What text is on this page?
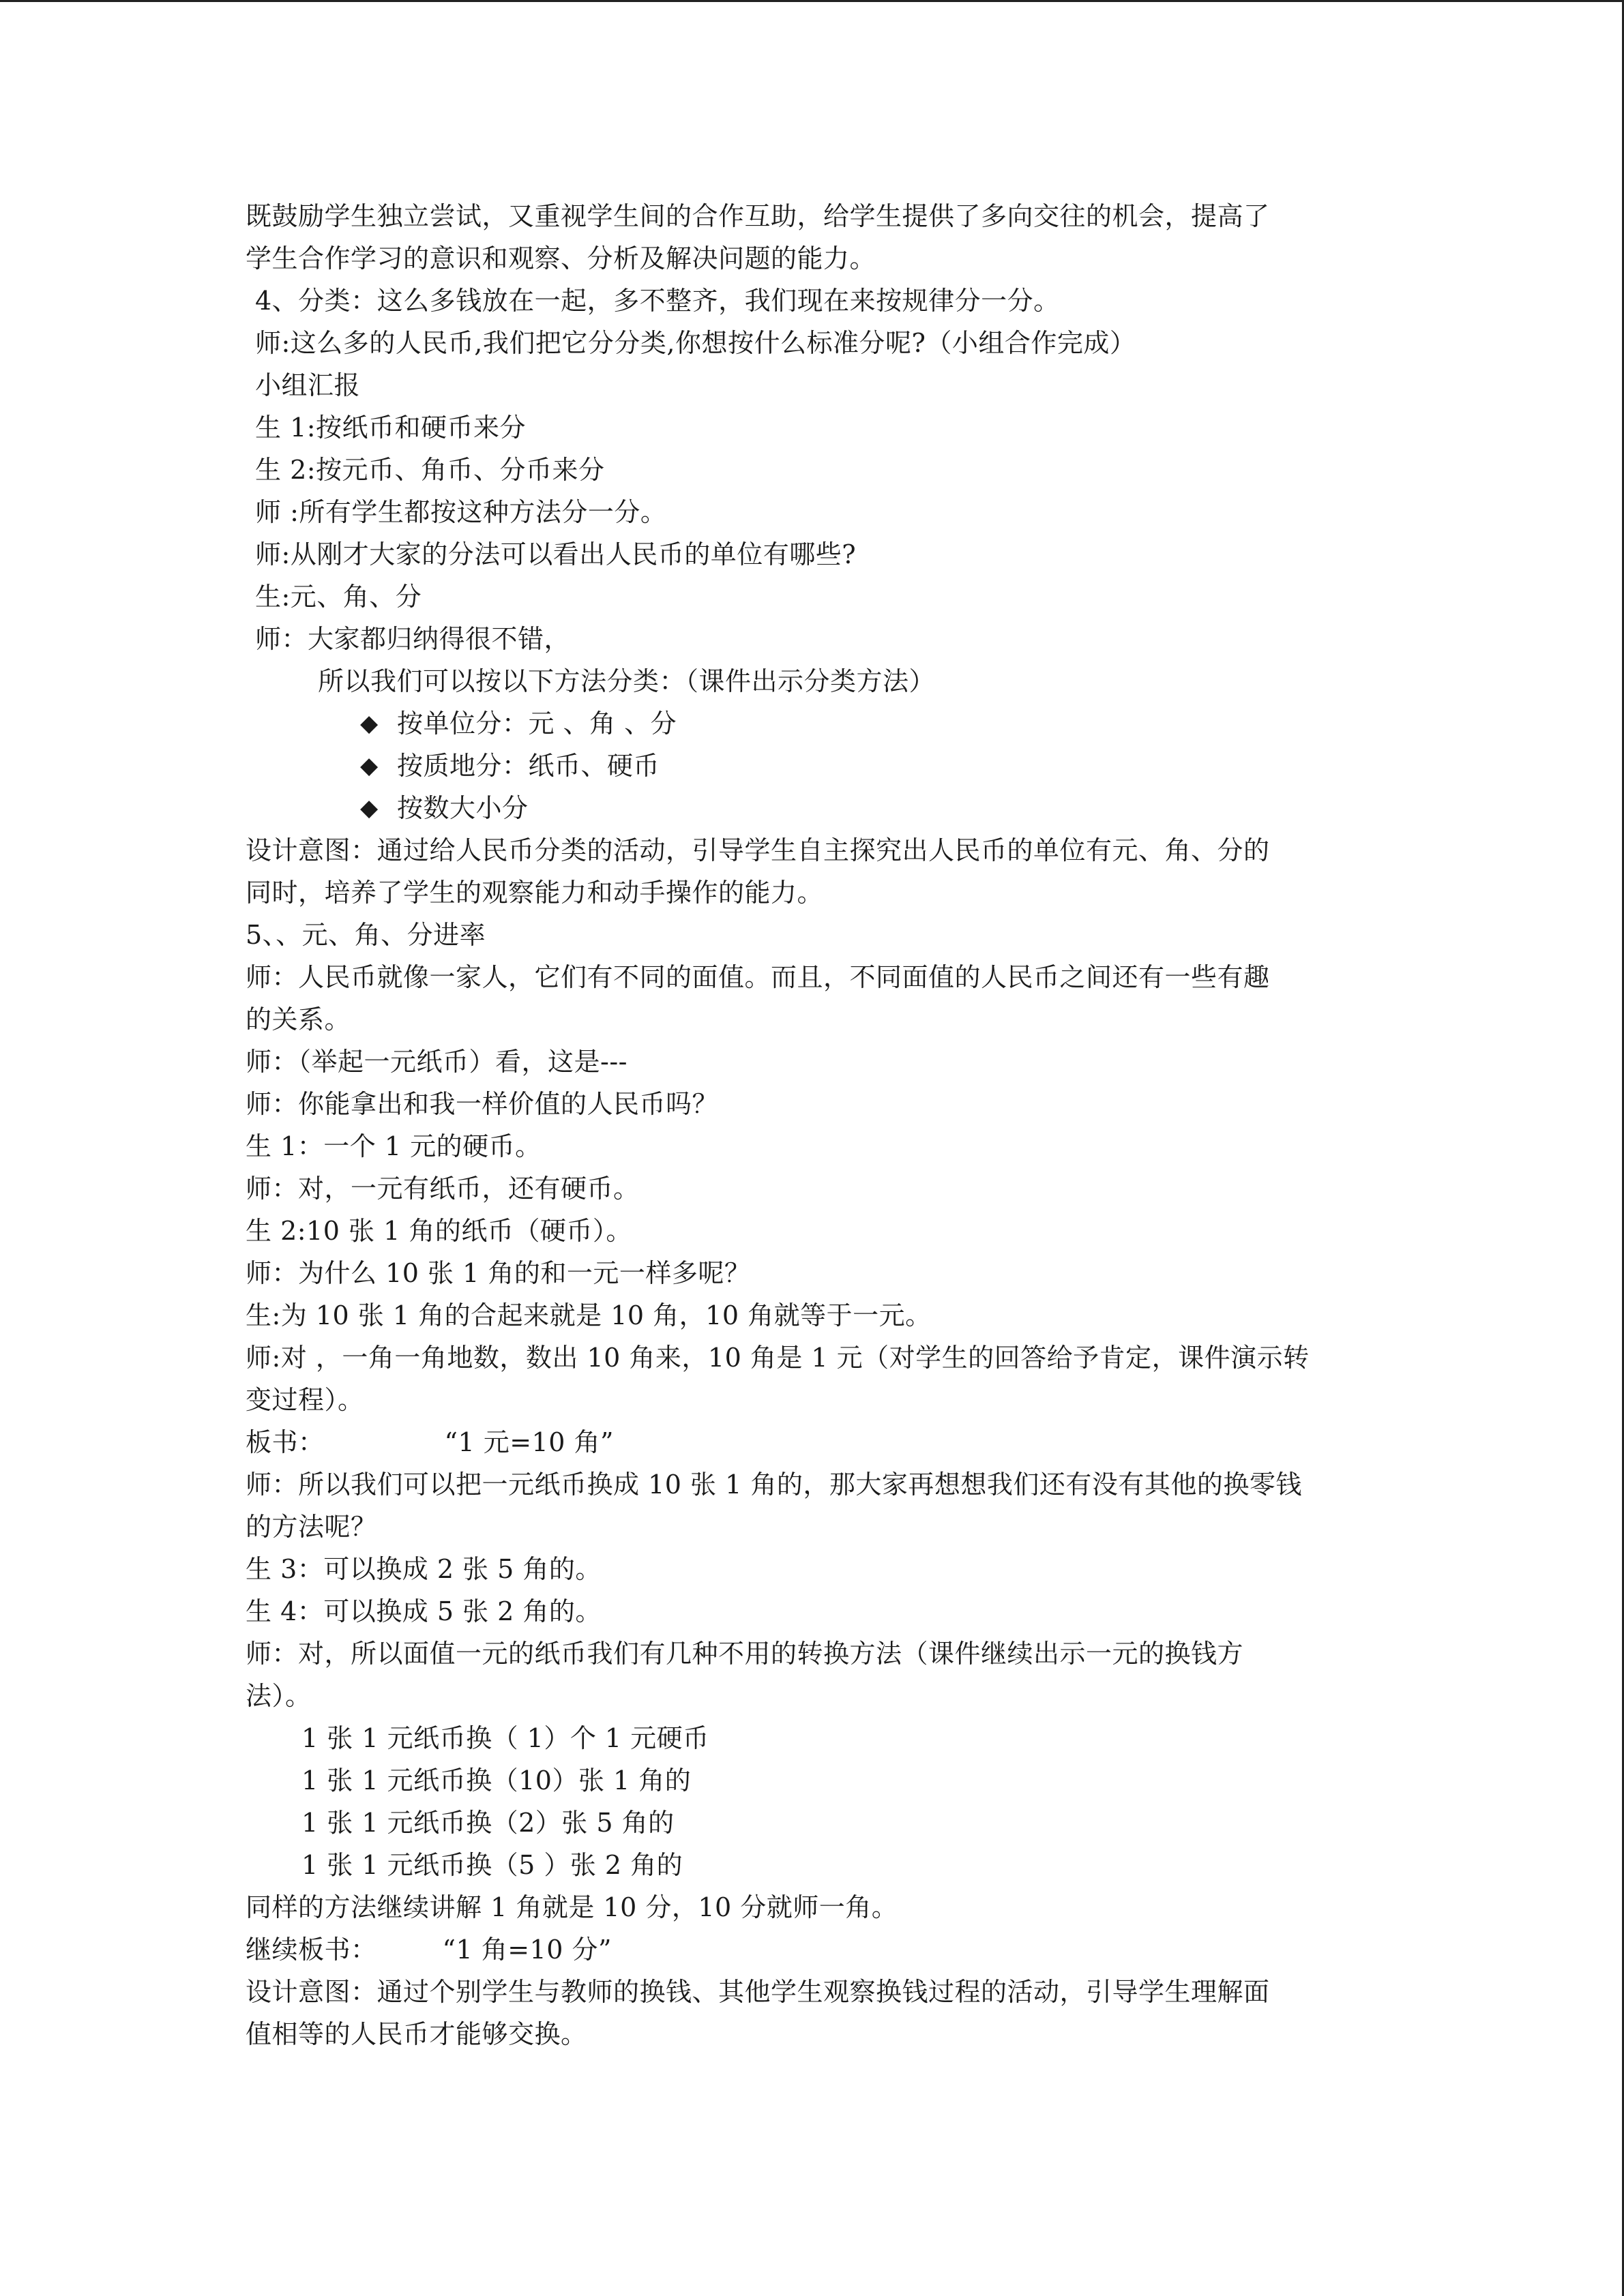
既鼓励学生独立尝试，又重视学生间的合作互助，给学生提供了多向交往的机会，提高了
学生合作学习的意识和观察、分析及解决问题的能力。
4、分类：这么多钱放在一起，多不整齐，我们现在来按规律分一分。
师:这么多的人民币,我们把它分分类,你想按什么标准分呢?（小组合作完成）
小组汇报
生 1:按纸币和硬币来分
生 2:按元币、角币、分币来分
师 :所有学生都按这种方法分一分。
师:从刚才大家的分法可以看出人民币的单位有哪些?
生:元、角、分
师：大家都归纳得很不错，
所以我们可以按以下方法分类：（课件出示分类方法）
◆ 按单位分：元 、角 、分
◆ 按质地分：纸币、硬币
◆ 按数大小分
设计意图：通过给人民币分类的活动，引导学生自主探究出人民币的单位有元、角、分的
同时，培养了学生的观察能力和动手操作的能力。
5、、元、角、分进率
师：人民币就像一家人，它们有不同的面值。而且，不同面值的人民币之间还有一些有趣
的关系。
师：（举起一元纸币）看，这是---
师：你能拿出和我一样价值的人民币吗？
生 1：一个 1 元的硬币。
师：对，一元有纸币，还有硬币。
生 2:10 张 1 角的纸币（硬币）。
师：为什么 10 张 1 角的和一元一样多呢？
生:为 10 张 1 角的合起来就是 10 角，10 角就等于一元。
师:对 ，一角一角地数，数出 10 角来，10 角是 1 元（对学生的回答给予肯定，课件演示转
变过程）。
板书：	“1 元=10 角”
师：所以我们可以把一元纸币换成 10 张 1 角的，那大家再想想我们还有没有其他的换零钱
的方法呢？
生 3：可以换成 2 张 5 角的。
生 4：可以换成 5 张 2 角的。
师：对，所以面值一元的纸币我们有几种不用的转换方法（课件继续出示一元的换钱方
法）。
1 张 1 元纸币换（ 1）个 1 元硬币
1 张 1 元纸币换（10）张 1 角的
1 张 1 元纸币换（2）张 5 角的
1 张 1 元纸币换（5 ）张 2 角的
同样的方法继续讲解 1 角就是 10 分，10 分就师一角。
继续板书：	“1 角=10 分”
设计意图：通过个别学生与教师的换钱、其他学生观察换钱过程的活动，引导学生理解面
值相等的人民币才能够交换。
